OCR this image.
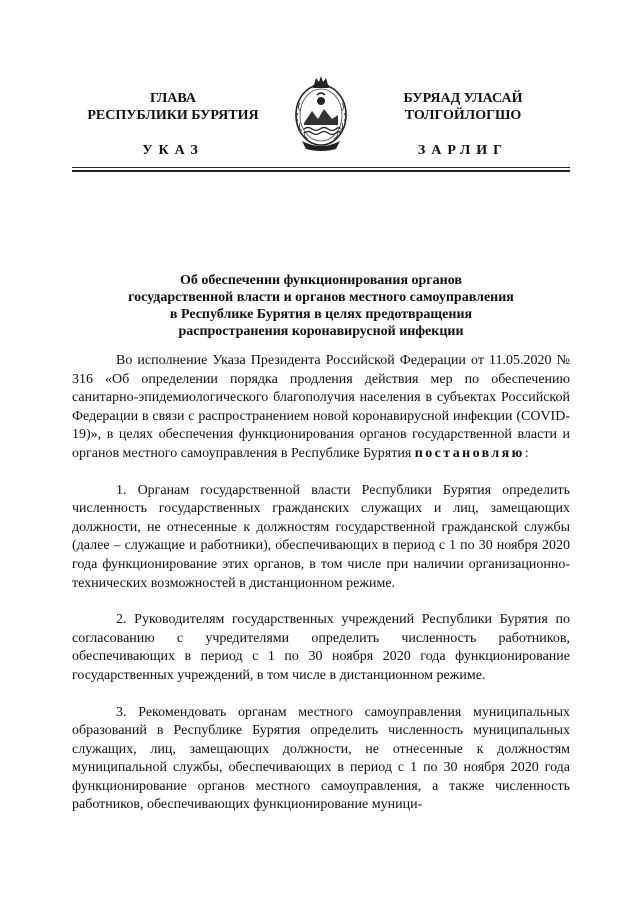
ГЛАВА
РЕСПУБЛИКИ БУРЯТИЯ
БУРЯАД УЛАСАЙ
ТОЛГОЙЛОГШО
УКАЗ	ЗАРЛИГ
Об обеспечении функционирования органов
государственной власти и органов местного самоуправления
в Республике Бурятия в целях предотвращения
распространения коронавирусной инфекции

Во исполнение Указа Президента Российской Федерации от 11.05.2020 № 316 «Об определении порядка продления действия мер по обеспечению санитарно-эпидемиологического благополучия населения в субъектах Российской Федерации в связи с распространением новой коронавирусной инфекции (COVID-19)», в целях обеспечения функционирования органов государственной власти и органов местного самоуправления в Республике Бурятия постановляю:

1. Органам государственной власти Республики Бурятия определить численность государственных гражданских служащих и лиц, замещающих должности, не отнесенные к должностям государственной гражданской службы (далее – служащие и работники), обеспечивающих в период с 1 по 30 ноября 2020 года функционирование этих органов, в том числе при наличии организационно-технических возможностей в дистанционном режиме.

2. Руководителям государственных учреждений Республики Бурятия по согласованию с учредителями определить численность работников, обеспечивающих в период с 1 по 30 ноября 2020 года функционирование государственных учреждений, в том числе в дистанционном режиме.

3. Рекомендовать органам местного самоуправления муниципальных образований в Республике Бурятия определить численность муниципальных служащих, лиц, замещающих должности, не отнесенные к должностям муниципальной службы, обеспечивающих в период с 1 по 30 ноября 2020 года функционирование органов местного самоуправления, а также численность работников, обеспечивающих функционирование муници-
